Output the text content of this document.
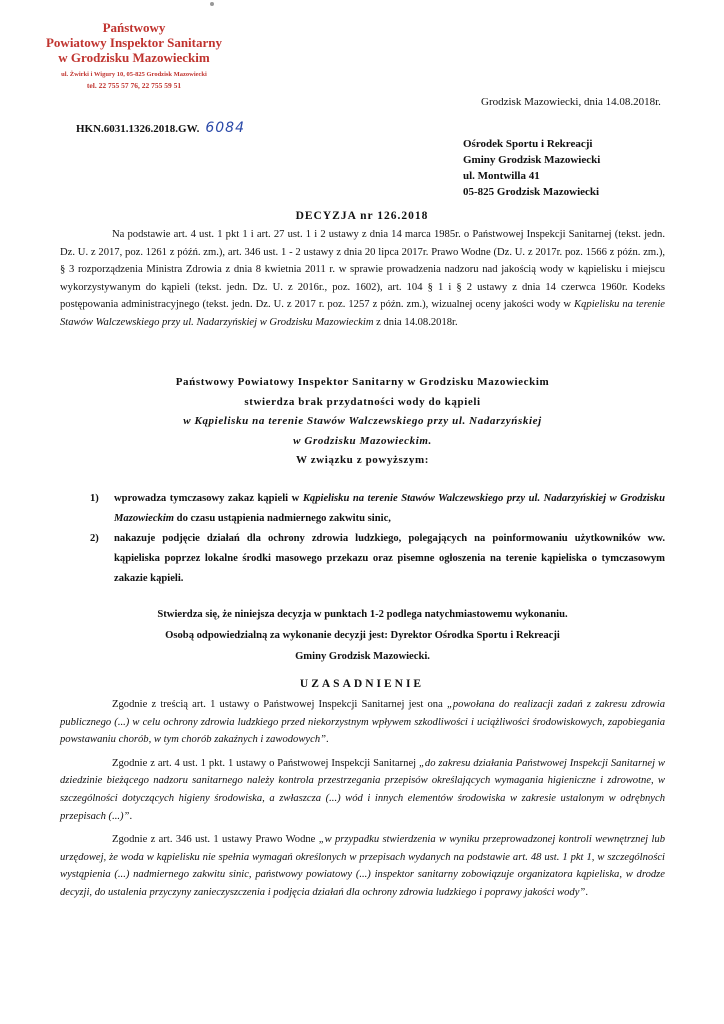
Państwowy
Powiatowy Inspektor Sanitarny
w Grodzisku Mazowieckim
ul. Żwirki i Wigury 10, 05-825 Grodzisk Mazowiecki
tel. 22 755 57 76, 22 755 59 51
Grodzisk Mazowiecki, dnia 14.08.2018r.
HKN.6031.1326.2018.GW. 6084
Ośrodek Sportu i Rekreacji
Gminy Grodzisk Mazowiecki
ul. Montwilla 41
05-825 Grodzisk Mazowiecki
DECYZJA nr 126.2018
Na podstawie art. 4 ust. 1 pkt 1 i art. 27 ust. 1 i 2 ustawy z dnia 14 marca 1985r. o Państwowej Inspekcji Sanitarnej (tekst. jedn. Dz. U. z 2017, poz. 1261 z późń. zm.), art. 346 ust. 1 - 2 ustawy z dnia 20 lipca 2017r. Prawo Wodne (Dz. U. z 2017r. poz. 1566 z późn. zm.), § 3 rozporządzenia Ministra Zdrowia z dnia 8 kwietnia 2011 r. w sprawie prowadzenia nadzoru nad jakością wody w kąpielisku i miejscu wykorzystywanym do kąpieli (tekst. jedn. Dz. U. z 2016r., poz. 1602), art. 104 § 1 i § 2 ustawy z dnia 14 czerwca 1960r. Kodeks postępowania administracyjnego (tekst. jedn. Dz. U. z 2017 r. poz. 1257 z późn. zm.), wizualnej oceny jakości wody w Kąpielisku na terenie Stawów Walczewskiego przy ul. Nadarzyńskiej w Grodzisku Mazowieckim z dnia 14.08.2018r.
Państwowy Powiatowy Inspektor Sanitarny w Grodzisku Mazowieckim
stwierdza brak przydatności wody do kąpieli
w Kąpielisku na terenie Stawów Walczewskiego przy ul. Nadarzyńskiej
w Grodzisku Mazowieckim.
W związku z powyższym:
1)	wprowadza tymczasowy zakaz kąpieli w Kąpielisku na terenie Stawów Walczewskiego przy ul. Nadarzyńskiej w Grodzisku Mazowieckim do czasu ustąpienia nadmiernego zakwitu sinic,
2)	nakazuje podjęcie działań dla ochrony zdrowia ludzkiego, polegających na poinformowaniu użytkowników ww. kąpieliska poprzez lokalne środki masowego przekazu oraz pisemne ogłoszenia na terenie kąpieliska o tymczasowym zakazie kąpieli.
Stwierdza się, że niniejsza decyzja w punktach 1-2 podlega natychmiastowemu wykonaniu.
Osobą odpowiedzialną za wykonanie decyzji jest: Dyrektor Ośrodka Sportu i Rekreacji
Gminy Grodzisk Mazowiecki.
UZASADNIENIE
Zgodnie z treścią art. 1 ustawy o Państwowej Inspekcji Sanitarnej jest ona „powołana do realizacji zadań z zakresu zdrowia publicznego (...) w celu ochrony zdrowia ludzkiego przed niekorzystnym wpływem szkodliwości i uciążliwości środowiskowych, zapobiegania powstawaniu chorób, w tym chorób zakaźnych i zawodowych”.
Zgodnie z art. 4 ust. 1 pkt. 1 ustawy o Państwowej Inspekcji Sanitarnej „do zakresu działania Państwowej Inspekcji Sanitarnej w dziedzinie bieżącego nadzoru sanitarnego należy kontrola przestrzegania przepisów określających wymagania higieniczne i zdrowotne, w szczególności dotyczących higieny środowiska, a zwłaszcza (...) wód i innych elementów środowiska w zakresie ustalonym w odrębnych przepisach (...)”.
Zgodnie z art. 346 ust. 1 ustawy Prawo Wodne „w przypadku stwierdzenia w wyniku przeprowadzonej kontroli wewnętrznej lub urzędowej, że woda w kąpielisku nie spełnia wymagań określonych w przepisach wydanych na podstawie art. 48 ust. 1 pkt 1, w szczególności wystąpienia (...) nadmiernego zakwitu sinic, państwowy powiatowy (...) inspektor sanitarny zobowiązuje organizatora kąpieliska, w drodze decyzji, do ustalenia przyczyny zanieczyszczenia i podjęcia działań dla ochrony zdrowia ludzkiego i poprawy jakości wody”.
